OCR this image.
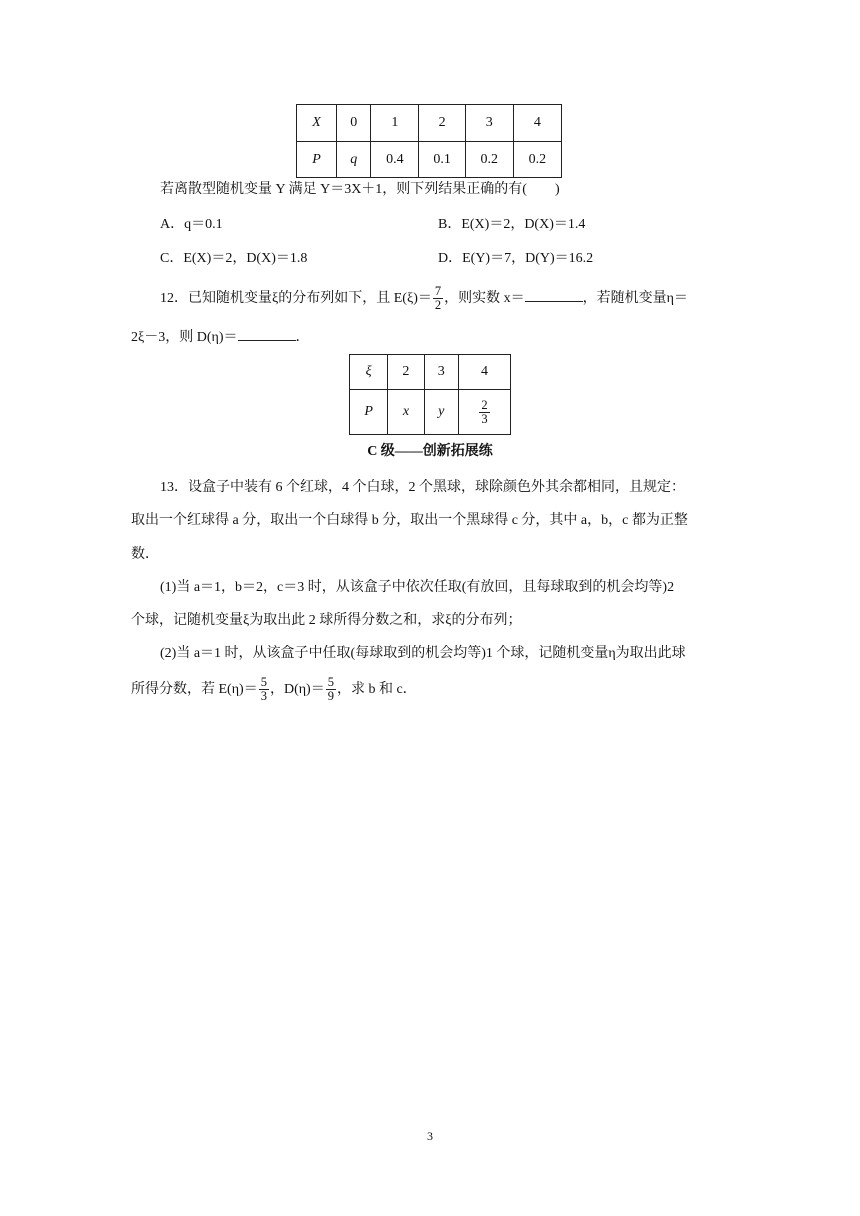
X	0	1	2	3	4
P	q	0.4	0.1	0.2	0.2
若离散型随机变量 Y 满足 Y＝3X＋1，则下列结果正确的有(　　)
A．q＝0.1	B．E(X)＝2，D(X)＝1.4
C．E(X)＝2，D(X)＝1.8	D．E(Y)＝7，D(Y)＝16.2
12．已知随机变量ξ的分布列如下，且 $E(\xi)= \frac{7}{2}$ ，则实数 x＝	，若随机变量η＝
2ξ－3，则 D(η)＝	．
ξ	2	3	4
P	x	y	$\frac{2}{3}$
C 级——创新拓展练
13．设盒子中装有 6 个红球，4 个白球，2 个黑球，球除颜色外其余都相同，且规定：
取出一个红球得 a 分，取出一个白球得 b 分，取出一个黑球得 c 分，其中 a，b，c 都为正整
数．
(1)当 a＝1，b＝2，c＝3 时，从该盒子中依次任取(有放回，且每球取到的机会均等)2
个球，记随机变量ξ为取出此 2 球所得分数之和，求ξ的分布列；
(2)当 a＝1 时，从该盒子中任取(每球取到的机会均等)1 个球，记随机变量η为取出此球
所得分数，若 $E(\eta)= \frac{5}{3}$ ，$D(\eta)= \frac{5}{9}$ ，求 b 和 c．
3
